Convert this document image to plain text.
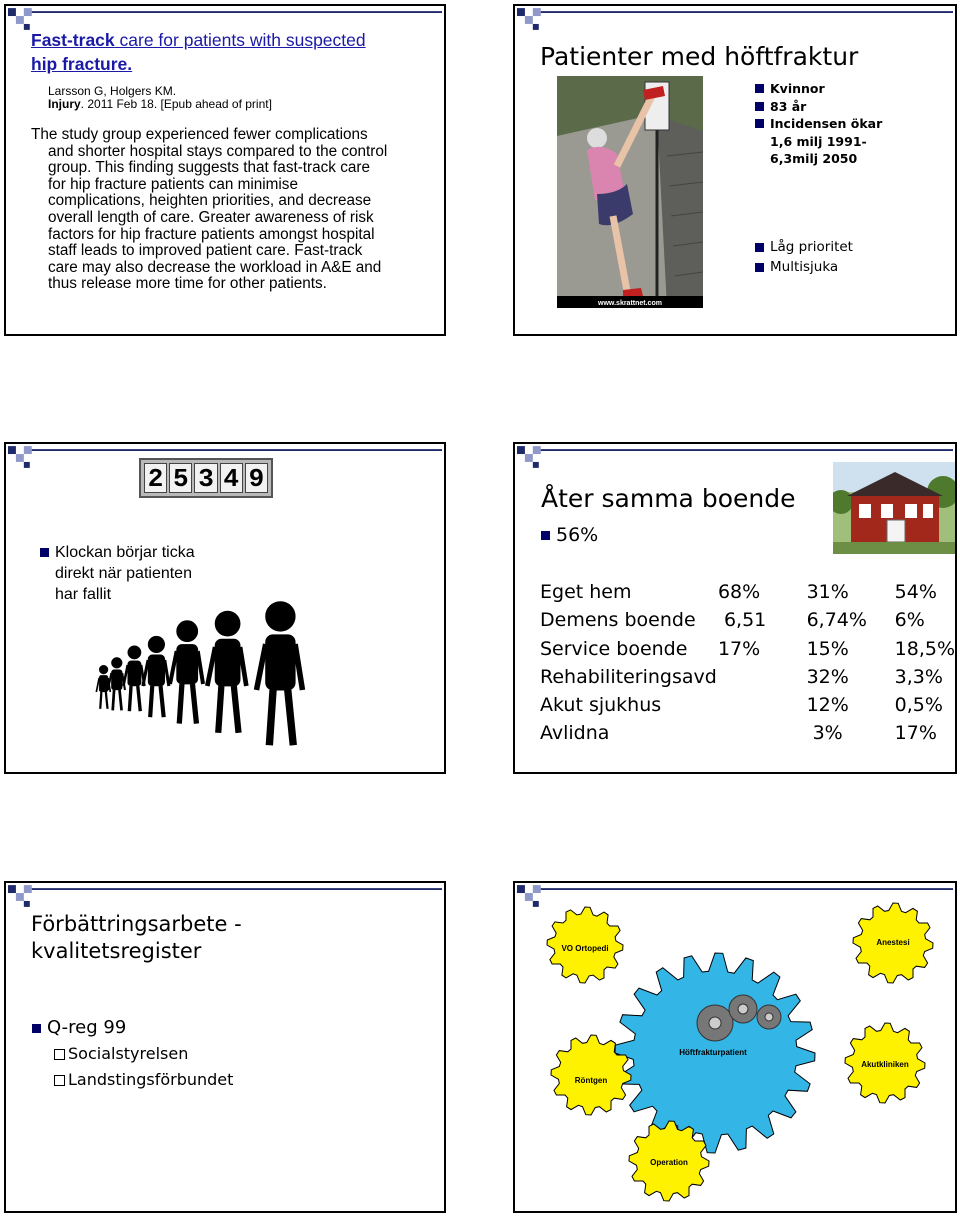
Fast-track care for patients with suspected
hip fracture.
Larsson G, Holgers KM.
Injury. 2011 Feb 18. [Epub ahead of print]
The study group experienced fewer complications
and shorter hospital stays compared to the control
group. This finding suggests that fast-track care
for hip fracture patients can minimise
complications, heighten priorities, and decrease
overall length of care. Greater awareness of risk
factors for hip fracture patients amongst hospital
staff leads to improved patient care. Fast-track
care may also decrease the workload in A&E and
thus release more time for other patients.
Patienter med höftfraktur
www.skrattnet.com
Kvinnor
83 år
Incidensen ökar
1,6 milj 1991-
6,3milj 2050
Låg prioritet
Multisjuka
2 5 3 4 9
Klockan börjar ticka
direkt när patienten
har fallit
Åter samma boende
56%
Eget hem	68%	31%	54%
Demens boende	6,51	6,74%	6%
Service boende	17%	15%	18,5%
Rehabiliteringsavd		32%	3,3%
Akut sjukhus		12%	0,5%
Avlidna		3%	17%
Förbättringsarbete -
kvalitetsregister
Q-reg 99
Socialstyrelsen
Landstingsförbundet
VO Ortopedi
Anestesi
Höftfrakturpatient
Röntgen
Akutkliniken
Operation
